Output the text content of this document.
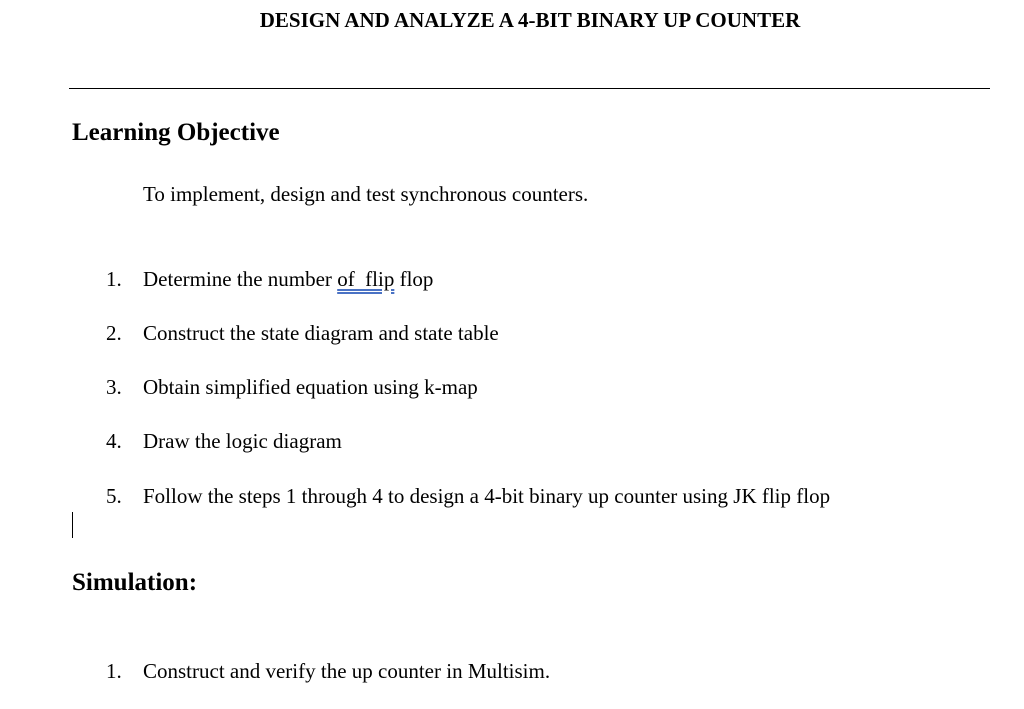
DESIGN AND ANALYZE A 4-BIT BINARY UP COUNTER
Learning Objective
To implement, design and test synchronous counters.
1.	Determine the number of  flip flop
2.	Construct the state diagram and state table
3.	Obtain simplified equation using k-map
4.	Draw the logic diagram
5.	Follow the steps 1 through 4 to design a 4-bit binary up counter using JK flip flop
Simulation:
1.	Construct and verify the up counter in Multisim.
